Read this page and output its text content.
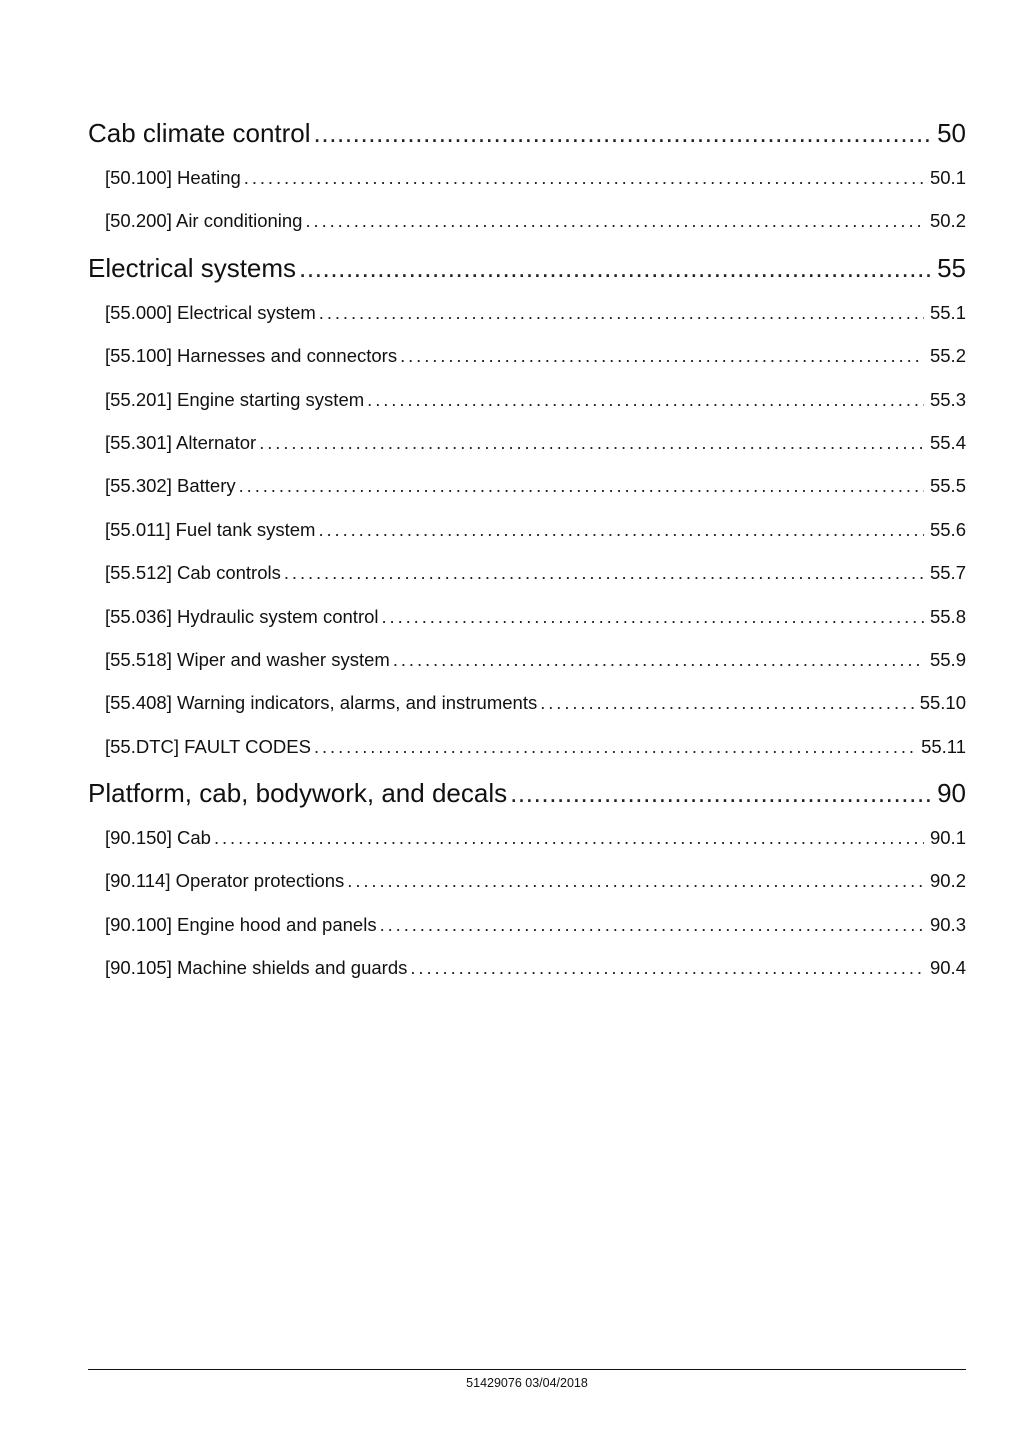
Cab climate control .....	50
[50.100] Heating .....	50.1
[50.200] Air conditioning .....	50.2
Electrical systems .....	55
[55.000] Electrical system .....	55.1
[55.100] Harnesses and connectors .....	55.2
[55.201] Engine starting system .....	55.3
[55.301] Alternator .....	55.4
[55.302] Battery .....	55.5
[55.011] Fuel tank system .....	55.6
[55.512] Cab controls .....	55.7
[55.036] Hydraulic system control .....	55.8
[55.518] Wiper and washer system .....	55.9
[55.408] Warning indicators, alarms, and instruments .....	55.10
[55.DTC] FAULT CODES .....	55.11
Platform, cab, bodywork, and decals .....	90
[90.150] Cab .....	90.1
[90.114] Operator protections .....	90.2
[90.100] Engine hood and panels .....	90.3
[90.105] Machine shields and guards .....	90.4
51429076 03/04/2018
